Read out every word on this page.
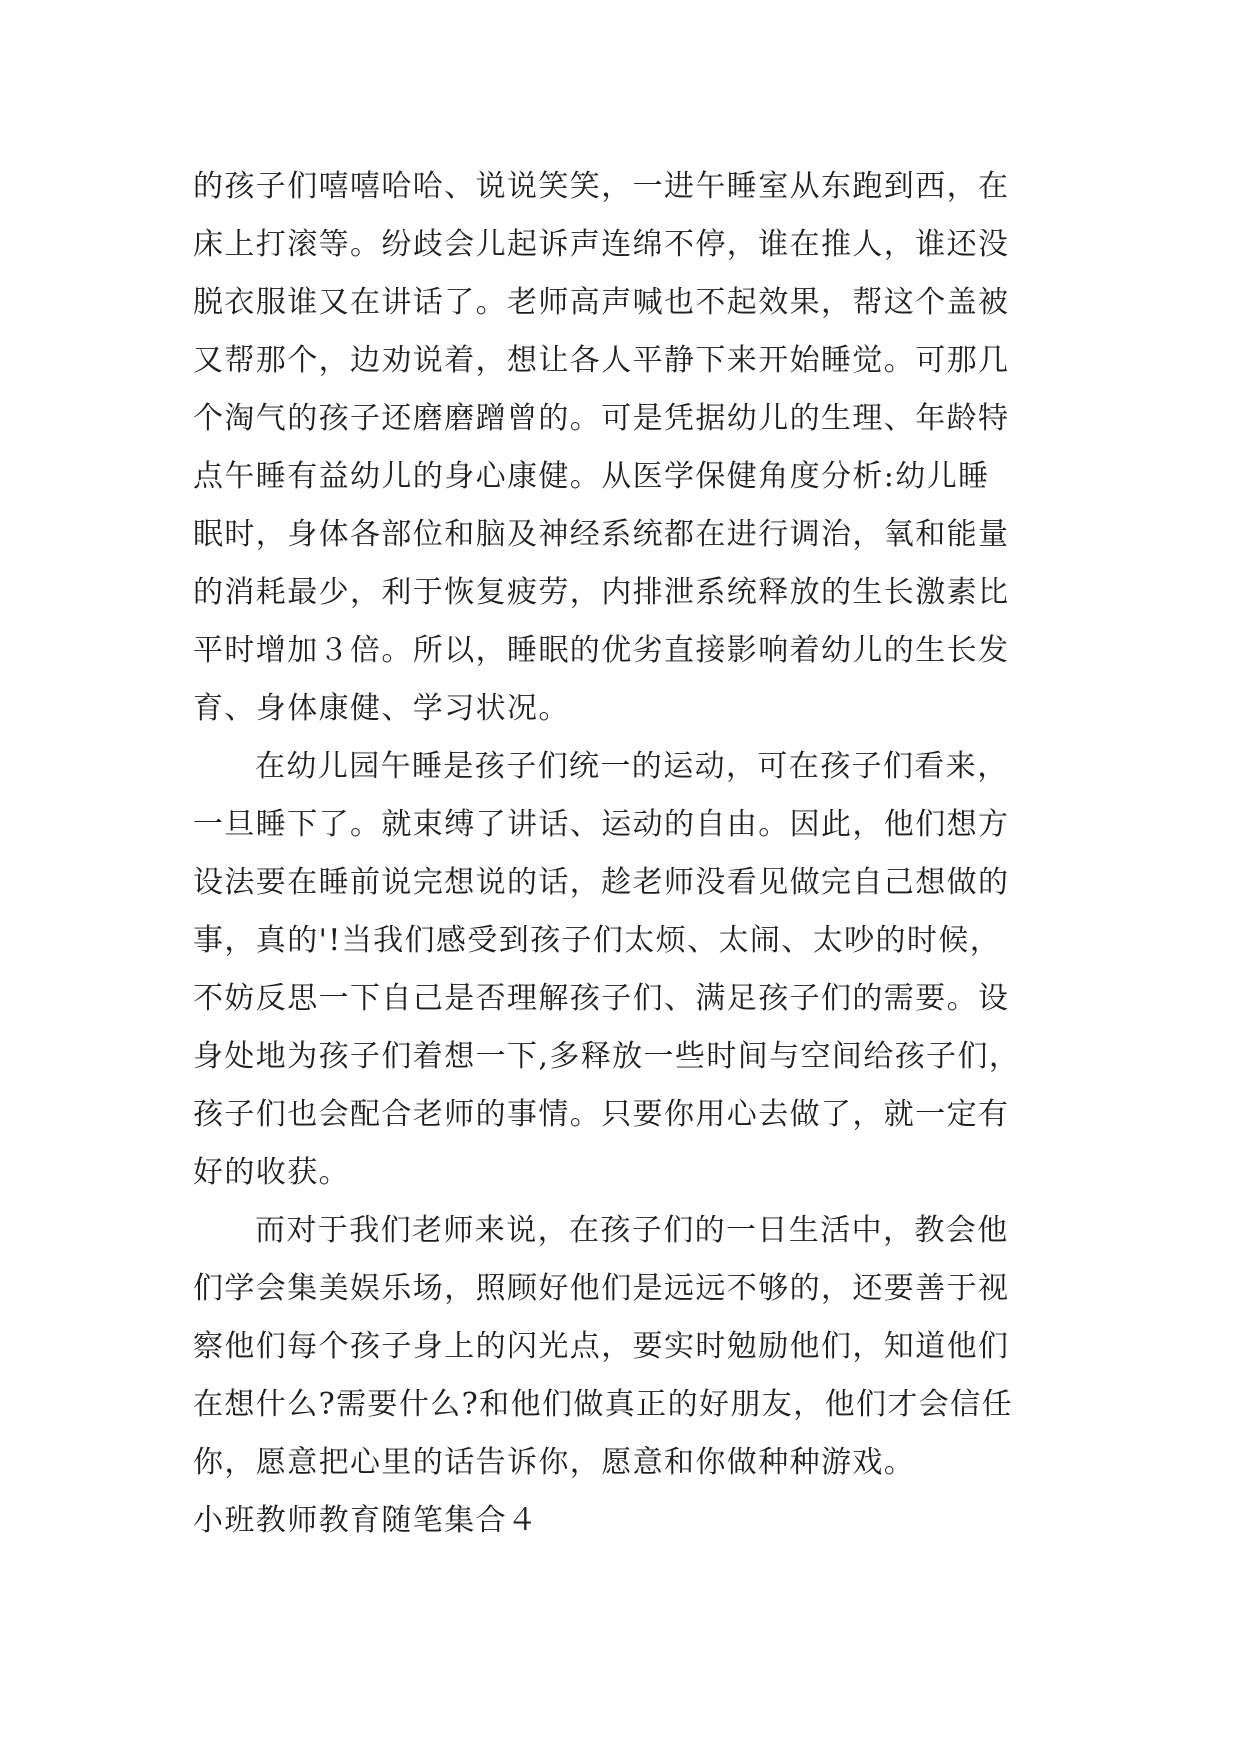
的孩子们嘻嘻哈哈、说说笑笑，一进午睡室从东跑到西，在
床上打滚等。纷歧会儿起诉声连绵不停，谁在推人，谁还没
脱衣服谁又在讲话了。老师高声喊也不起效果，帮这个盖被
又帮那个，边劝说着，想让各人平静下来开始睡觉。可那几
个淘气的孩子还磨磨蹭曾的。可是凭据幼儿的生理、年龄特
点午睡有益幼儿的身心康健。从医学保健角度分析:幼儿睡
眠时，身体各部位和脑及神经系统都在进行调治，氧和能量
的消耗最少，利于恢复疲劳，内排泄系统释放的生长激素比
平时增加３倍。所以，睡眠的优劣直接影响着幼儿的生长发
育、身体康健、学习状况。
在幼儿园午睡是孩子们统一的运动，可在孩子们看来，
一旦睡下了。就束缚了讲话、运动的自由。因此，他们想方
设法要在睡前说完想说的话，趁老师没看见做完自己想做的
事，真的'!当我们感受到孩子们太烦、太闹、太吵的时候，
不妨反思一下自己是否理解孩子们、满足孩子们的需要。设
身处地为孩子们着想一下,多释放一些时间与空间给孩子们，
孩子们也会配合老师的事情。只要你用心去做了，就一定有
好的收获。
而对于我们老师来说，在孩子们的一日生活中，教会他
们学会集美娱乐场，照顾好他们是远远不够的，还要善于视
察他们每个孩子身上的闪光点，要实时勉励他们，知道他们
在想什么?需要什么?和他们做真正的好朋友，他们才会信任
你，愿意把心里的话告诉你，愿意和你做种种游戏。
小班教师教育随笔集合４
